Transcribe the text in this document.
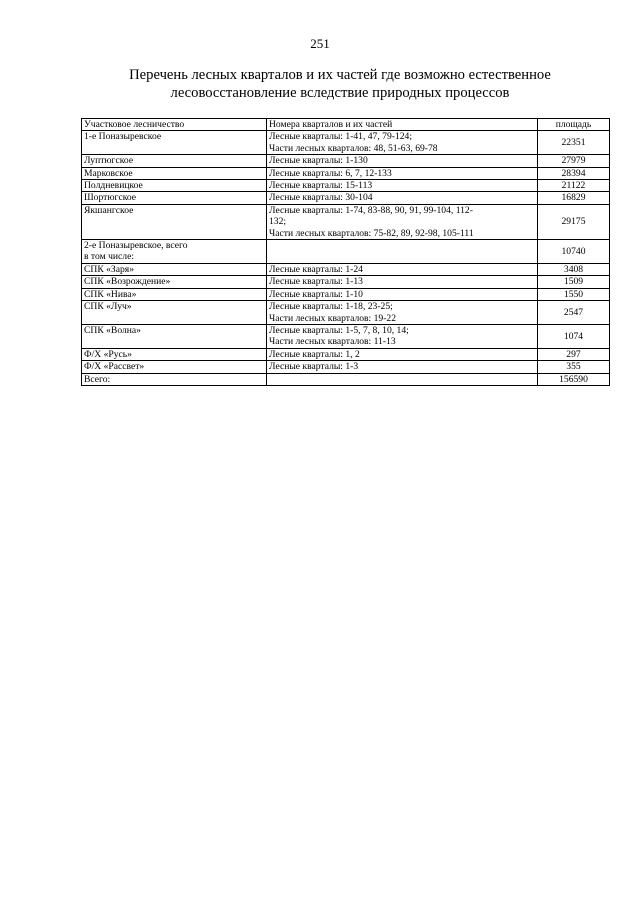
251
Перечень лесных кварталов и их частей где возможно естественное
лесовосстановление вследствие природных процессов
Участковое лесничество	Номера кварталов и их частей	площадь

1-е Поназыревское	Лесные кварталы: 1-41, 47, 79-124;
Части лесных кварталов: 48, 51-63, 69-78	22351

Луптюгское	Лесные кварталы: 1-130	27979

Марковское	Лесные кварталы: 6, 7, 12-133	28394

Полдневицкое	Лесные кварталы: 15-113	21122

Шортюгское	Лесные кварталы: 30-104	16829

Якшангское	Лесные кварталы: 1-74, 83-88, 90, 91, 99-104, 112-
132;
Части лесных кварталов: 75-82, 89, 92-98, 105-111	29175

2-е Поназыревское, всего
в том числе:		10740

СПК «Заря»	Лесные кварталы: 1-24	3408

СПК «Возрождение»	Лесные кварталы: 1-13	1509

СПК «Нива»	Лесные кварталы: 1-10	1550

СПК «Луч»	Лесные кварталы: 1-18, 23-25;
Части лесных кварталов: 19-22	2547

СПК «Волна»	Лесные кварталы: 1-5, 7, 8, 10, 14;
Части лесных кварталов: 11-13	1074

Ф/Х «Русь»	Лесные кварталы: 1, 2	297

Ф/Х «Рассвет»	Лесные кварталы: 1-3	355

Всего:		156590
